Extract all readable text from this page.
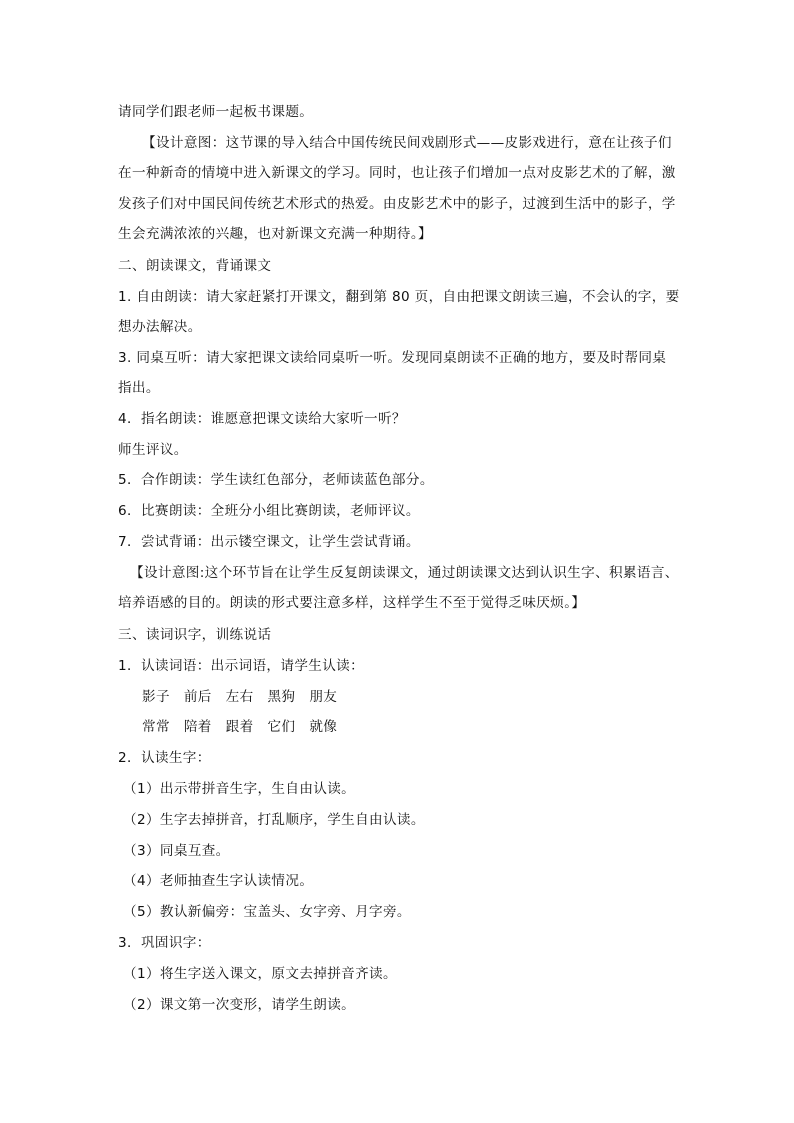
请同学们跟老师一起板书课题。
【设计意图：这节课的导入结合中国传统民间戏剧形式——皮影戏进行，意在让孩子们
在一种新奇的情境中进入新课文的学习。同时，也让孩子们增加一点对皮影艺术的了解，激
发孩子们对中国民间传统艺术形式的热爱。由皮影艺术中的影子，过渡到生活中的影子，学
生会充满浓浓的兴趣，也对新课文充满一种期待。】
二、朗读课文，背诵课文
1. 自由朗读：请大家赶紧打开课文，翻到第 80 页，自由把课文朗读三遍，不会认的字，要
想办法解决。
3. 同桌互听：请大家把课文读给同桌听一听。发现同桌朗读不正确的地方，要及时帮同桌
指出。
4．指名朗读：谁愿意把课文读给大家听一听？
师生评议。
5．合作朗读：学生读红色部分，老师读蓝色部分。
6．比赛朗读：全班分小组比赛朗读，老师评议。
7．尝试背诵：出示镂空课文，让学生尝试背诵。
【设计意图:这个环节旨在让学生反复朗读课文，通过朗读课文达到认识生字、积累语言、
培养语感的目的。朗读的形式要注意多样，这样学生不至于觉得乏味厌烦。】
三、读词识字，训练说话
1．认读词语：出示词语，请学生认读：
影子　前后　左右　黑狗　朋友
常常　陪着　跟着　它们　就像
2．认读生字：
（1）出示带拼音生字，生自由认读。
（2）生字去掉拼音，打乱顺序，学生自由认读。
（3）同桌互查。
（4）老师抽查生字认读情况。
（5）教认新偏旁：宝盖头、女字旁、月字旁。
3．巩固识字：
（1）将生字送入课文，原文去掉拼音齐读。
（2）课文第一次变形，请学生朗读。
